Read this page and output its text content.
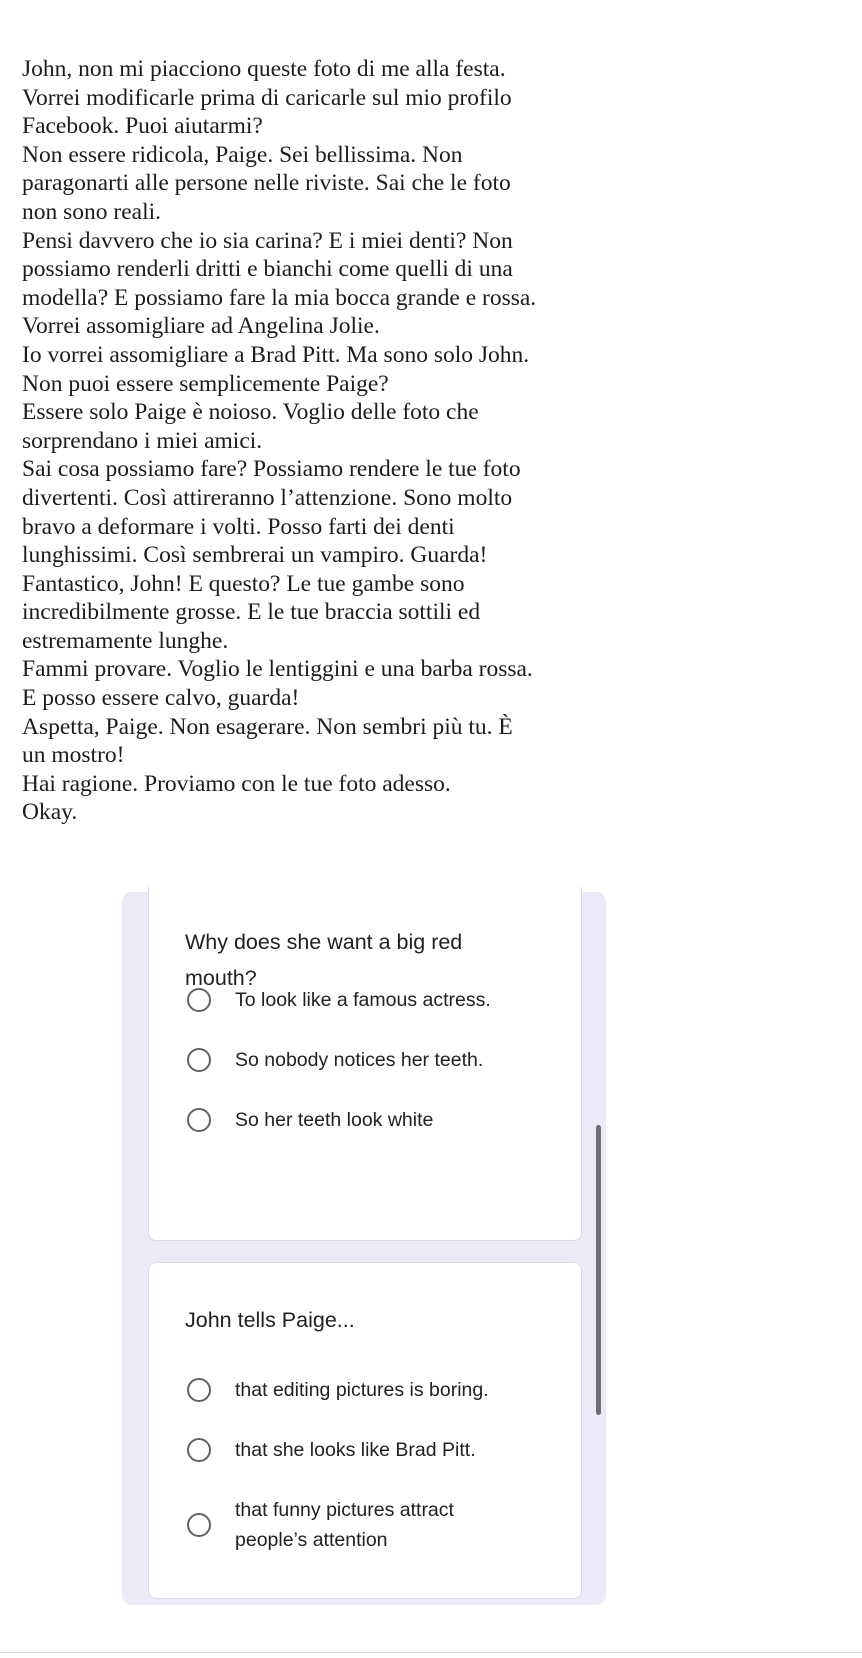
John, non mi piacciono queste foto di me alla festa.

Vorrei modificarle prima di caricarle sul mio profilo

Facebook. Puoi aiutarmi?

Non essere ridicola, Paige. Sei bellissima. Non

paragonarti alle persone nelle riviste. Sai che le foto

non sono reali.

Pensi davvero che io sia carina? E i miei denti? Non

possiamo renderli dritti e bianchi come quelli di una

modella? E possiamo fare la mia bocca grande e rossa.

Vorrei assomigliare ad Angelina Jolie.

Io vorrei assomigliare a Brad Pitt. Ma sono solo John.

Non puoi essere semplicemente Paige?

Essere solo Paige è noioso. Voglio delle foto che

sorprendano i miei amici.

Sai cosa possiamo fare? Possiamo rendere le tue foto

divertenti. Così attireranno l’attenzione. Sono molto

bravo a deformare i volti. Posso farti dei denti

lunghissimi. Così sembrerai un vampiro. Guarda!

Fantastico, John! E questo? Le tue gambe sono

incredibilmente grosse. E le tue braccia sottili ed

estremamente lunghe.

Fammi provare. Voglio le lentiggini e una barba rossa.

E posso essere calvo, guarda!

Aspetta, Paige. Non esagerare. Non sembri più tu. È

un mostro!

Hai ragione. Proviamo con le tue foto adesso.

Okay.

Why does she want a big red mouth?
To look like a famous actress.
So nobody notices her teeth.
So her teeth look white
John tells Paige...
that editing pictures is boring.
that she looks like Brad Pitt.
that funny pictures attract people’s attention
